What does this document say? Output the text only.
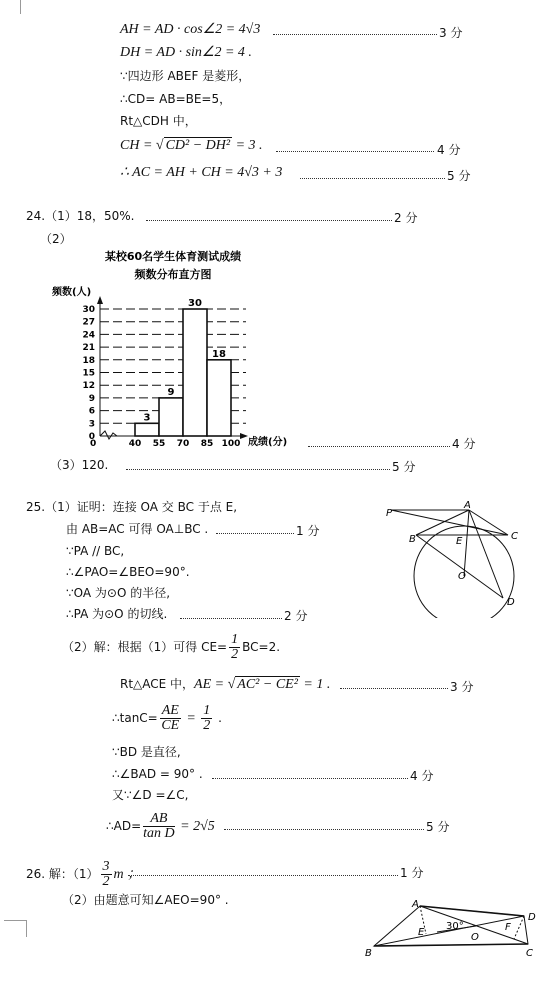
AH = AD · cos∠2 = 4√3	3 分
DH = AD · sin∠2 = 4 .
∵四边形 ABEF 是菱形，
∴CD= AB=BE=5，
Rt△CDH 中，
CH = √ CD² − DH² = 3 .	4 分
∴ AC = AH + CH = 4√3 + 3	5 分
24.（1）18，50%.	2 分
（2）
某校60名学生体育测试成绩
频数分布直方图
频数(人)
成绩(分)
0
3
6
9
12
15
18
21
24
27
30
0
3
9
30
18
40 55 70 85 100	4 分
（3）120.	5 分
25.（1）证明：连接 OA 交 BC 于点 E,
由 AB=AC 可得 OA⊥BC .	1 分
∵PA // BC,
∴∠PAO=∠BEO=90°.
∵OA 为⊙O 的半径,
∴PA 为⊙O 的切线.	2 分
P
A
B	C
E
O
D
（2）解：根据（1）可得 $CE= \frac{1}{2} BC=2$.
Rt△ACE 中，AE = √ AC² − CE² = 1 .	3 分
∴tanC= $\frac{AE}{CE} = \frac{1}{2}$ .
∵BD 是直径,
∴∠BAD = 90° .	4 分
又∵∠D =∠C,
∴AD= $\frac{AB}{\text{tan D}} = 2√5$	5 分
26. 解：$(1) \frac{3}{2}$ m ；	1 分
（2）由题意可知∠AEO=90° .	A
B	C
D
E	O
F
30°
